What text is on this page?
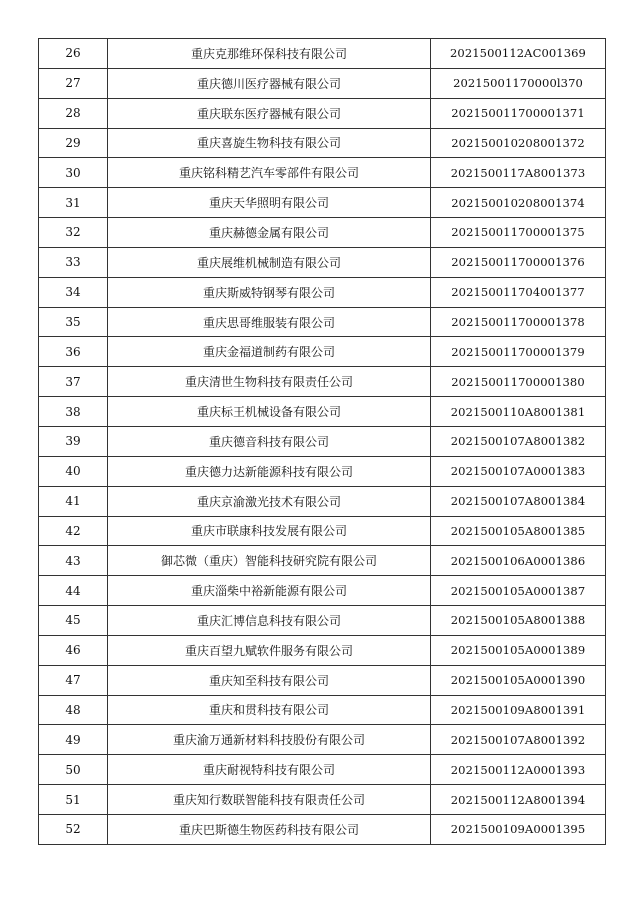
26	重庆克那维环保科技有限公司	2021500112AC001369
27	重庆德川医疗器械有限公司	20215001170000l370
28	重庆联东医疗器械有限公司	202150011700001371
29	重庆喜旋生物科技有限公司	202150010208001372
30	重庆铭科精艺汽车零部件有限公司	2021500117A8001373
31	重庆天华照明有限公司	202150010208001374
32	重庆赫德金属有限公司	202150011700001375
33	重庆展维机械制造有限公司	202150011700001376
34	重庆斯威特钢琴有限公司	202150011704001377
35	重庆思哥维服装有限公司	202150011700001378
36	重庆金福道制药有限公司	202150011700001379
37	重庆清世生物科技有限责任公司	202150011700001380
38	重庆标王机械设备有限公司	2021500110A8001381
39	重庆德音科技有限公司	2021500107A8001382
40	重庆德力达新能源科技有限公司	2021500107A0001383
41	重庆京渝激光技术有限公司	2021500107A8001384
42	重庆市联康科技发展有限公司	2021500105A8001385
43	御芯微（重庆）智能科技研究院有限公司	2021500106A0001386
44	重庆淄柴中裕新能源有限公司	2021500105A0001387
45	重庆汇博信息科技有限公司	2021500105A8001388
46	重庆百望九赋软件服务有限公司	2021500105A0001389
47	重庆知至科技有限公司	2021500105A0001390
48	重庆和贯科技有限公司	2021500109A8001391
49	重庆渝万通新材料科技股份有限公司	2021500107A8001392
50	重庆耐视特科技有限公司	2021500112A0001393
51	重庆知行数联智能科技有限责任公司	2021500112A8001394
52	重庆巴斯德生物医药科技有限公司	2021500109A0001395
